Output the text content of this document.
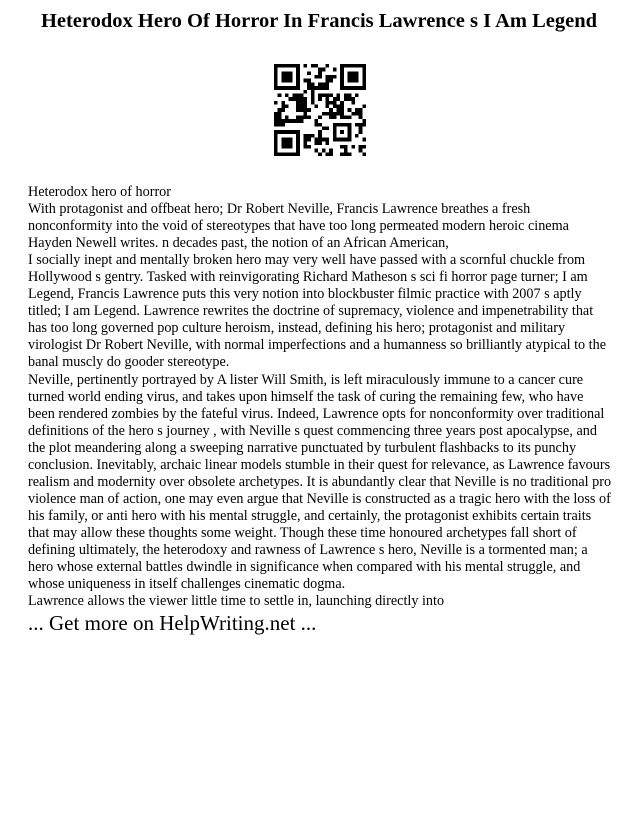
Heterodox Hero Of Horror In Francis Lawrence s I Am Legend

Heterodox hero of horror

With protagonist and offbeat hero; Dr Robert Neville, Francis Lawrence breathes a fresh nonconformity into the void of stereotypes that have too long permeated modern heroic cinema Hayden Newell writes. n decades past, the notion of an African American,

I socially inept and mentally broken hero may very well have passed with a scornful chuckle from Hollywood s gentry. Tasked with reinvigorating Richard Matheson s sci fi horror page turner; I am Legend, Francis Lawrence puts this very notion into blockbuster filmic practice with 2007 s aptly titled; I am Legend. Lawrence rewrites the doctrine of supremacy, violence and impenetrability that has too long governed pop culture heroism, instead, defining his hero; protagonist and military virologist Dr Robert Neville, with normal imperfections and a humanness so brilliantly atypical to the banal muscly do gooder stereotype.

Neville, pertinently portrayed by A lister Will Smith, is left miraculously immune to a cancer cure turned world ending virus, and takes upon himself the task of curing the remaining few, who have been rendered zombies by the fateful virus. Indeed, Lawrence opts for nonconformity over traditional definitions of the hero s journey , with Neville s quest commencing three years post apocalypse, and the plot meandering along a sweeping narrative punctuated by turbulent flashbacks to its punchy conclusion. Inevitably, archaic linear models stumble in their quest for relevance, as Lawrence favours realism and modernity over obsolete archetypes. It is abundantly clear that Neville is no traditional pro violence man of action, one may even argue that Neville is constructed as a tragic hero with the loss of his family, or anti hero with his mental struggle, and certainly, the protagonist exhibits certain traits that may allow these thoughts some weight. Though these time honoured archetypes fall short of defining ultimately, the heterodoxy and rawness of Lawrence s hero, Neville is a tormented man; a hero whose external battles dwindle in significance when compared with his mental struggle, and whose uniqueness in itself challenges cinematic dogma.

Lawrence allows the viewer little time to settle in, launching directly into

... Get more on HelpWriting.net ...
